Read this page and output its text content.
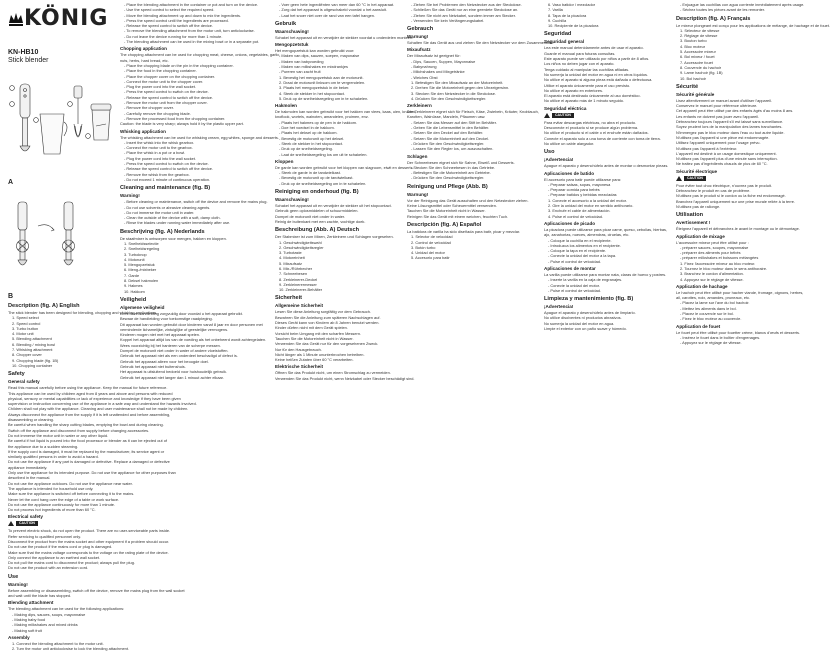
KÖNIG
KN-HB10
Stick blender
A
B
Description (fig. A) English
The stick blender has been designed for blending, chopping and whisking applications.
1. Speed select
2. Speed control
3. Turbo button
4. Motor unit
5. Blending attachment
6. Blending / mixing bowl
7. Whisking attachment
8. Chopper cover
9. Chopping blade (fig. 1B)
10. Chopping container
Safety
General safety
Read this manual carefully before using the appliance. Keep the manual for future reference.
This appliance can be used by children aged from 8 years and above and persons with reduced
physical, sensory or mental capabilities or lack of experience and knowledge if they have been given
supervision or instruction concerning use of the appliance in a safe way and understand the hazards involved.
Children shall not play with the appliance. Cleaning and user maintenance shall not be made by children.
Always disconnect the appliance from the supply if it is left unattended and before assembling,
disassembling or cleaning.
Be careful when handling the sharp cutting blades, emptying the bowl and during cleaning.
Switch off the appliance and disconnect from supply before changing accessories.
Do not immerse the motor unit in water or any other liquid.
Be careful if hot liquid is poured into the food processor or blender as it can be ejected out of
the appliance due to a sudden steaming.
If the supply cord is damaged, it must be replaced by the manufacturer, its service agent or
similarly qualified persons in order to avoid a hazard.
Do not use the appliance if any part is damaged or defective. Replace a damaged or defective
appliance immediately.
Only use the appliance for its intended purpose. Do not use the appliance for other purposes than
described in the manual.
Do not use the appliance outdoors. Do not use the appliance near water.
The appliance is intended for household use only.
Make sure the appliance is switched off before connecting it to the mains.
Never let the cord hang over the edge of a table or work surface.
Do not use the appliance continuously for more than 1 minute.
Do not process hot ingredients of more than 60 °C.
Electrical safety
CAUTION
To prevent electric shock, do not open the product. There are no user-serviceable parts inside.
Refer servicing to qualified personnel only.
Disconnect the product from the mains socket and other equipment if a problem should occur.
Do not use the product if the mains cord or plug is damaged.
Make sure that the mains voltage corresponds to the voltage on the rating plate of the device.
Only connect the appliance to an earthed wall socket.
Do not pull the mains cord to disconnect the product; always pull the plug.
Do not use the product with an extension cord.
Use
Warning!
Before assembling or disassembling, switch off the device, remove the mains plug from the wall socket
and wait until the blade has stopped.
Blending attachment
The blending attachment can be used for the following applications:
- Making dips, sauces, soups, mayonnaise
- Making baby food
- Making milkshakes and mixed drinks
- Making soft fruit
Assembly
1. Connect the blending attachment to the motor unit.
2. Turn the motor unit anticlockwise to lock the blending attachment.
- Place the blending attachment in the container or pot and turn on the device.
- Use the speed control to select the required speed.
- Move the blending attachment up and down to mix the ingredients.
- Press the speed control until the ingredients are processed.
- Release the speed control to switch off the device.
- To remove the blending attachment from the motor unit, turn anticlockwise.
- Do not leave the device running for more than 1 minute.
- The blending attachment can be used in the mixing bowl or in a separate pot.
Chopping application
The chopping attachment can be used for chopping meat, cheese, onions, vegetables, garlic,
nuts, herbs, hard bread, etc.
- Place the chopping blade on the pin in the chopping container.
- Place the food in the chopping container.
- Place the chopper cover on the chopping container.
- Connect the motor unit to the chopper cover.
- Plug the power cord into the wall socket.
- Press the speed control to switch on the device.
- Release the speed control to switch off the device.
- Remove the motor unit from the chopper cover.
- Remove the chopper cover.
- Carefully remove the chopping blade.
- Remove the processed food from the chopping container.
Caution: the blade is very sharp; always hold it by the plastic upper part.
Whisking application
The whisking attachment can be used for whisking cream, egg whites, sponge and desserts.
- Insert the whisk into the whisk gearbox.
- Connect the motor unit to the gearbox.
- Place the whisk in a pot or a bowl.
- Plug the power cord into the wall socket.
- Press the speed control to switch on the device.
- Release the speed control to switch off the device.
- Remove the whisk from the gearbox.
- Do not exceed 1 minute of continuous operation.
Cleaning and maintenance (fig. B)
Warning!
- Before cleaning or maintenance, switch off the device and remove the mains plug.
- Do not use solvents or abrasive cleaning agents.
- Do not immerse the motor unit in water.
- Clean the outside of the device with a soft, damp cloth.
- Rinse the blades under running water immediately after use.
Beschrijving (fig. A) Nederlands
De staafmixer is ontworpen voor mengen, hakken en kloppen.
1. Snelheidsselectie
2. Snelheidsregeling
3. Turboknop
4. Motorunit
5. Mengopzetstuk
6. Meng-/mixbeker
7. Garde
8. Deksel hakmolen
9. Hakmes
10. Hakkom
Veiligheid
Algemene veiligheid
Lees deze handleiding zorgvuldig door voordat u het apparaat gebruikt.
Bewaar de handleiding voor toekomstige raadpleging.
Dit apparaat kan worden gebruikt door kinderen vanaf 8 jaar en door personen met
verminderde lichamelijke, zintuiglijke of geestelijke vermogens.
Kinderen mogen niet met het apparaat spelen.
Koppel het apparaat altijd los van de voeding als het onbeheerd wordt achtergelaten.
Wees voorzichtig bij het hanteren van de scherpe messen.
Dompel de motorunit niet onder in water of andere vloeistoffen.
Gebruik het apparaat niet als een onderdeel beschadigd of defect is.
Gebruik het apparaat alleen voor het beoogde doel.
Gebruik het apparaat niet buitenshuis.
Het apparaat is uitsluitend bedoeld voor huishoudelijk gebruik.
Gebruik het apparaat niet langer dan 1 minuut achter elkaar.
- Voer geen hete ingrediënten van meer dan 60 °C in het apparaat.
- Zorg dat het apparaat is uitgeschakeld voordat u het aansluit.
- Laat het snoer niet over de rand van een tafel hangen.
Gebruik
Waarschuwing!
Schakel het apparaat uit en verwijder de stekker voordat u onderdelen monteert.
Mengopzetstuk
Het mengopzetstuk kan worden gebruikt voor:
- Maken van dips, sauzen, soepen, mayonaise
- Maken van babyvoeding
- Maken van milkshakes en mixdrankjes
- Pureren van zacht fruit
1. Bevestig het mengopzetstuk aan de motorunit.
2. Draai de motorunit linksom om te vergrendelen.
3. Plaats het mengopzetstuk in de beker.
4. Steek de stekker in het stopcontact.
5. Druk op de snelheidsregeling om in te schakelen.
Hakmolen
De hakmolen kan worden gebruikt voor het hakken van vlees, kaas, uien, kruiden,
knoflook, wortels, walnoten, amandelen, pruimen, enz.
- Plaats het hakmes op de pen in de hakkom.
- Doe het voedsel in de hakkom.
- Plaats het deksel op de hakkom.
- Bevestig de motorunit op het deksel.
- Steek de stekker in het stopcontact.
- Druk op de snelheidsregeling.
- Laat de snelheidsregeling los om uit te schakelen.
Kloppen
De garde kan worden gebruikt voor het kloppen van slagroom, eiwit en desserts.
- Steek de garde in de tandwielkast.
- Bevestig de motorunit op de tandwielkast.
- Druk op de snelheidsregeling om in te schakelen.
Reiniging en onderhoud (fig. B)
Waarschuwing!
Schakel het apparaat uit en verwijder de stekker uit het stopcontact.
Gebruik geen oplosmiddelen of schuurmiddelen.
Dompel de motorunit niet onder in water.
Reinig de buitenkant met een zachte, vochtige doek.
Beschreibung (Abb. A) Deutsch
Der Stabmixer ist zum Mixen, Zerkleinern und Schlagen vorgesehen.
1. Geschwindigkeitswahl
2. Geschwindigkeitsregler
3. Turbotaste
4. Motoreinheit
5. Mixaufsatz
6. Mix-/Rührbecher
7. Schneebesen
8. Zerkleinerer-Deckel
9. Zerkleinerermesser
10. Zerkleinerer-Behälter
Sicherheit
Allgemeine Sicherheit
Lesen Sie diese Anleitung sorgfältig vor dem Gebrauch.
Bewahren Sie die Anleitung zum späteren Nachschlagen auf.
Dieses Gerät kann von Kindern ab 8 Jahren benutzt werden.
Kinder dürfen nicht mit dem Gerät spielen.
Vorsicht beim Umgang mit den scharfen Messern.
Tauchen Sie die Motoreinheit nicht in Wasser.
Verwenden Sie das Gerät nur für den vorgesehenen Zweck.
Nur für den Hausgebrauch.
Nicht länger als 1 Minute ununterbrochen betreiben.
Keine heißen Zutaten über 60 °C verarbeiten.
Elektrische Sicherheit
Öffnen Sie das Produkt nicht, um einen Stromschlag zu vermeiden.
Verwenden Sie das Produkt nicht, wenn Netzkabel oder Stecker beschädigt sind.
- Ziehen Sie bei Problemen den Netzstecker aus der Steckdose.
- Schließen Sie das Gerät nur an eine geerdete Steckdose an.
- Ziehen Sie nicht am Netzkabel, sondern immer am Stecker.
- Verwenden Sie kein Verlängerungskabel.
Gebrauch
Warnung!
Schalten Sie das Gerät aus und ziehen Sie den Netzstecker vor dem Zusammenbau.
Mixaufsatz
Der Mixaufsatz ist geeignet für:
- Dips, Saucen, Suppen, Mayonnaise
- Babynahrung
- Milchshakes und Mixgetränke
- Weiches Obst
1. Befestigen Sie den Mixaufsatz an der Motoreinheit.
2. Drehen Sie die Motoreinheit gegen den Uhrzeigersinn.
3. Stecken Sie den Netzstecker in die Steckdose.
4. Drücken Sie den Geschwindigkeitsregler.
Zerkleinern
Der Zerkleinerer eignet sich für Fleisch, Käse, Zwiebeln, Kräuter, Knoblauch,
Karotten, Walnüsse, Mandeln, Pflaumen usw.
- Setzen Sie das Messer auf den Stift im Behälter.
- Geben Sie die Lebensmittel in den Behälter.
- Setzen Sie den Deckel auf den Behälter.
- Setzen Sie die Motoreinheit auf den Deckel.
- Drücken Sie den Geschwindigkeitsregler.
- Lassen Sie den Regler los, um auszuschalten.
Schlagen
Der Schneebesen eignet sich für Sahne, Eiweiß und Desserts.
- Stecken Sie den Schneebesen in das Getriebe.
- Befestigen Sie die Motoreinheit am Getriebe.
- Drücken Sie den Geschwindigkeitsregler.
Reinigung und Pflege (Abb. B)
Warnung!
Vor der Reinigung das Gerät ausschalten und den Netzstecker ziehen.
Keine Lösungsmittel oder Scheuermittel verwenden.
Tauchen Sie die Motoreinheit nicht in Wasser.
Reinigen Sie das Gerät mit einem weichen, feuchten Tuch.
Descripción (fig. A) Español
La batidora de varilla ha sido diseñada para batir, picar y mezclar.
1. Selector de velocidad
2. Control de velocidad
3. Botón turbo
4. Unidad del motor
5. Accesorio para batir
6. Vaso batidor / mezclador
7. Varilla
8. Tapa de la picadora
9. Cuchilla
10. Recipiente de la picadora
Seguridad
Seguridad general
Lea este manual detenidamente antes de usar el aparato.
Guarde el manual para futuras consultas.
Este aparato puede ser utilizado por niños a partir de 8 años.
Los niños no deben jugar con el aparato.
Tenga cuidado al manipular las cuchillas afiladas.
No sumerja la unidad del motor en agua ni en otros líquidos.
No utilice el aparato si alguna pieza está dañada o defectuosa.
Utilice el aparato únicamente para el uso previsto.
No utilice el aparato en exteriores.
El aparato está destinado únicamente al uso doméstico.
No utilice el aparato más de 1 minuto seguido.
Seguridad eléctrica
CAUTION
Para evitar descargas eléctricas, no abra el producto.
Desconecte el producto si se produce algún problema.
No utilice el producto si el cable o el enchufe están dañados.
Conecte el aparato solo a una toma de corriente con toma de tierra.
No utilice un cable alargador.
Uso
¡Advertencia!
Apague el aparato y desenchúfelo antes de montar o desmontar piezas.
Aplicaciones de batido
El accesorio para batir puede utilizarse para:
- Preparar salsas, sopas, mayonesa
- Preparar comida para bebés
- Preparar batidos y bebidas mezcladas
1. Conecte el accesorio a la unidad del motor.
2. Gire la unidad del motor en sentido antihorario.
3. Enchufe el cable de alimentación.
4. Pulse el control de velocidad.
Aplicaciones de picado
La picadora puede utilizarse para picar carne, queso, cebollas, hierbas,
ajo, zanahorias, nueces, almendras, ciruelas, etc.
- Coloque la cuchilla en el recipiente.
- Introduzca los alimentos en el recipiente.
- Coloque la tapa en el recipiente.
- Conecte la unidad del motor a la tapa.
- Pulse el control de velocidad.
Aplicaciones de montar
La varilla puede utilizarse para montar nata, claras de huevo y postres.
- Inserte la varilla en la caja de engranajes.
- Conecte la unidad del motor.
- Pulse el control de velocidad.
Limpieza y mantenimiento (fig. B)
¡Advertencia!
Apague el aparato y desenchúfelo antes de limpiarlo.
No utilice disolventes ni productos abrasivos.
No sumerja la unidad del motor en agua.
Limpie el exterior con un paño suave y húmedo.
- Enjuague las cuchillas con agua corriente inmédiatement après usage.
- Séchez toutes les pièces avant de les remonter.
Description (fig. A) Français
Le mixeur plongeant est conçu pour les applications de mélange, de hachage et de fouet.
1. Sélecteur de vitesse
2. Réglage de vitesse
3. Bouton turbo
4. Bloc moteur
5. Accessoire mixeur
6. Bol mixeur / fouet
7. Accessoire fouet
8. Couvercle du hachoir
9. Lame hachoir (fig. 1B)
10. Bol hachoir
Sécurité
Sécurité générale
Lisez attentivement ce manuel avant d'utiliser l'appareil.
Conservez le manuel pour référence ultérieure.
Cet appareil peut être utilisé par des enfants âgés d'au moins 8 ans.
Les enfants ne doivent pas jouer avec l'appareil.
Débranchez toujours l'appareil s'il est laissé sans surveillance.
Soyez prudent lors de la manipulation des lames tranchantes.
N'immergez pas le bloc moteur dans l'eau ou tout autre liquide.
N'utilisez pas l'appareil si une pièce est endommagée.
Utilisez l'appareil uniquement pour l'usage prévu.
N'utilisez pas l'appareil à l'extérieur.
L'appareil est destiné à un usage domestique uniquement.
N'utilisez pas l'appareil plus d'une minute sans interruption.
Ne traitez pas d'ingrédients chauds de plus de 60 °C.
Sécurité électrique
CAUTION
Pour éviter tout choc électrique, n'ouvrez pas le produit.
Débranchez le produit en cas de problème.
N'utilisez pas le produit si le cordon ou la fiche est endommagé.
Branchez l'appareil uniquement sur une prise murale reliée à la terre.
N'utilisez pas de rallonge.
Utilisation
Avertissement !
Éteignez l'appareil et débranchez-le avant le montage ou le démontage.
Application de mixage
L'accessoire mixeur peut être utilisé pour :
- préparer sauces, soupes, mayonnaise
- préparer des aliments pour bébés
- préparer milkshakes et boissons mélangées
1. Fixez l'accessoire mixeur au bloc moteur.
2. Tournez le bloc moteur dans le sens antihoraire.
3. Branchez le cordon d'alimentation.
4. Appuyez sur le réglage de vitesse.
Application de hachage
Le hachoir peut être utilisé pour hacher viande, fromage, oignons, herbes,
ail, carottes, noix, amandes, pruneaux, etc.
- Placez la lame sur l'axe du bol hachoir.
- Mettez les aliments dans le bol.
- Placez le couvercle sur le bol.
- Fixez le bloc moteur au couvercle.
Application de fouet
Le fouet peut être utilisé pour fouetter crème, blancs d'œufs et desserts.
- Insérez le fouet dans le boîtier d'engrenages.
- Appuyez sur le réglage de vitesse.
